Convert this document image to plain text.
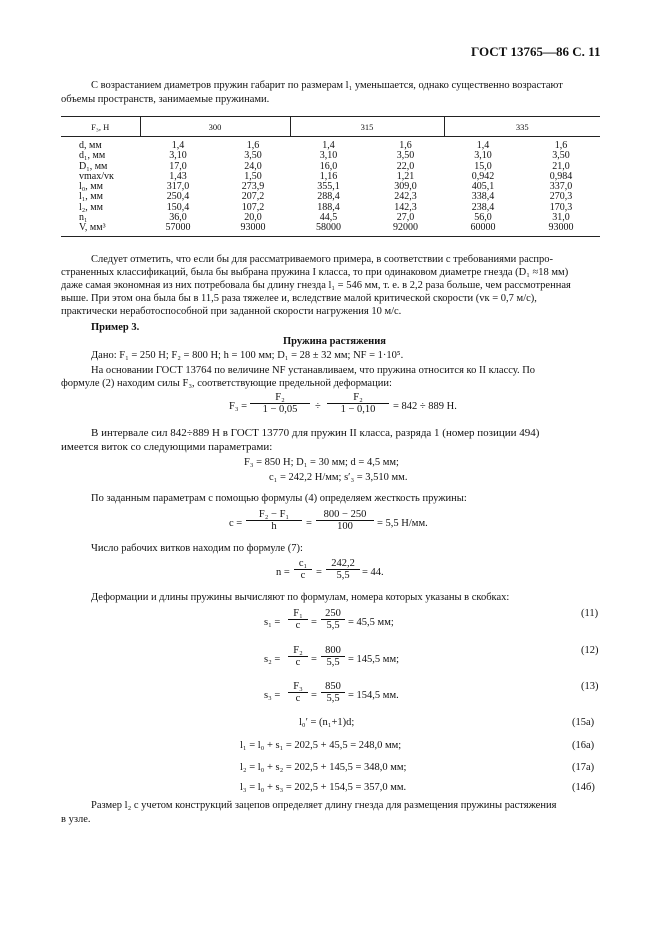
ГОСТ 13765—86 С. 11
С возрастанием диаметров пружин габарит по размерам l₁ уменьшается, однако существенно возрастают
объемы пространств, занимаемые пружинами.
F₃, Н	300		315		335	
d, мм	1,4	1,6	1,4	1,6	1,4	1,6
d₁, мм	3,10	3,50	3,10	3,50	3,10	3,50
D₁, мм	17,0	24,0	16,0	22,0	15,0	21,0
vmax/vк	1,43	1,50	1,16	1,21	0,942	0,984
l₀, мм	317,0	273,9	355,1	309,0	405,1	337,0
l₁, мм	250,4	207,2	288,4	242,3	338,4	270,3
l₂, мм	150,4	107,2	188,4	142,3	238,4	170,3
n₁	36,0	20,0	44,5	27,0	56,0	31,0
V, мм³	57000	93000	58000	92000	60000	93000
Следует отметить, что если бы для рассматриваемого примера, в соответствии с требованиями распро-
страненных классификаций, была бы выбрана пружина I класса, то при одинаковом диаметре гнезда (D₁ ≈18 мм)
даже самая экономная из них потребовала бы длину гнезда l₁ = 546 мм, т. е. в 2,2 раза больше, чем рассмотренная
выше. При этом она была бы в 11,5 раза тяжелее и, вследствие малой критической скорости (vк = 0,7 м/с),
практически неработоспособной при заданной скорости нагружения 10 м/с.
Пример 3.
Пружина растяжения
Дано: F₁ = 250 Н; F₂ = 800 Н; h = 100 мм; D₁ = 28 ± 32 мм; NF = 1·10⁵.
На основании ГОСТ 13764 по величине NF устанавливаем, что пружина относится ко II классу. По
формуле (2) находим силы F₃, соответствующие предельной деформации:
$F_3 = \frac{\text{F₂}}{1 - 0,05} \div \frac{\text{F₂}}{1 - 0,10} = 842 \div 889$ Н.
В интервале сил 842÷889 Н в ГОСТ 13770 для пружин II класса, разряда 1 (номер позиции 494)
имеется виток со следующими параметрами:
F₃ = 850 Н; D₁ = 30 мм; d = 4,5 мм;
c₁ = 242,2 Н/мм; s′₃ = 3,510 мм.
По заданным параметрам с помощью формулы (4) определяем жесткость пружины:
$c = \frac{\text{F₂ − F₁}}{h} = \frac{800 - 250}{100} = 5,5$ Н/мм.
Число рабочих витков находим по формуле (7):
$n = \frac{\text{c₁}}{c} = \frac{242,2}{5,5} = 44$.
Деформации и длины пружины вычисляют по формулам, номера которых указаны в скобках:
$s_1 = \frac{\text{F₁}}{c} = \frac{250}{5,5} = 45,5$ мм;
(11)
$s_2 = \frac{\text{F₂}}{c} = \frac{800}{5,5} = 145,5$ мм;
(12)
$s_3 = \frac{\text{F₃}}{c} = \frac{850}{5,5} = 154,5$ мм.
(13)
l₀′ = (n₁+1)d;	(15а)
l₁ = l₀ + s₁ = 202,5 + 45,5 = 248,0 мм;	(16а)
l₂ = l₀ + s₂ = 202,5 + 145,5 = 348,0 мм;	(17а)
l₃ = l₀ + s₃ = 202,5 + 154,5 = 357,0 мм.	(14б)
Размер l₂ с учетом конструкций зацепов определяет длину гнезда для размещения пружины растяжения
в узле.
